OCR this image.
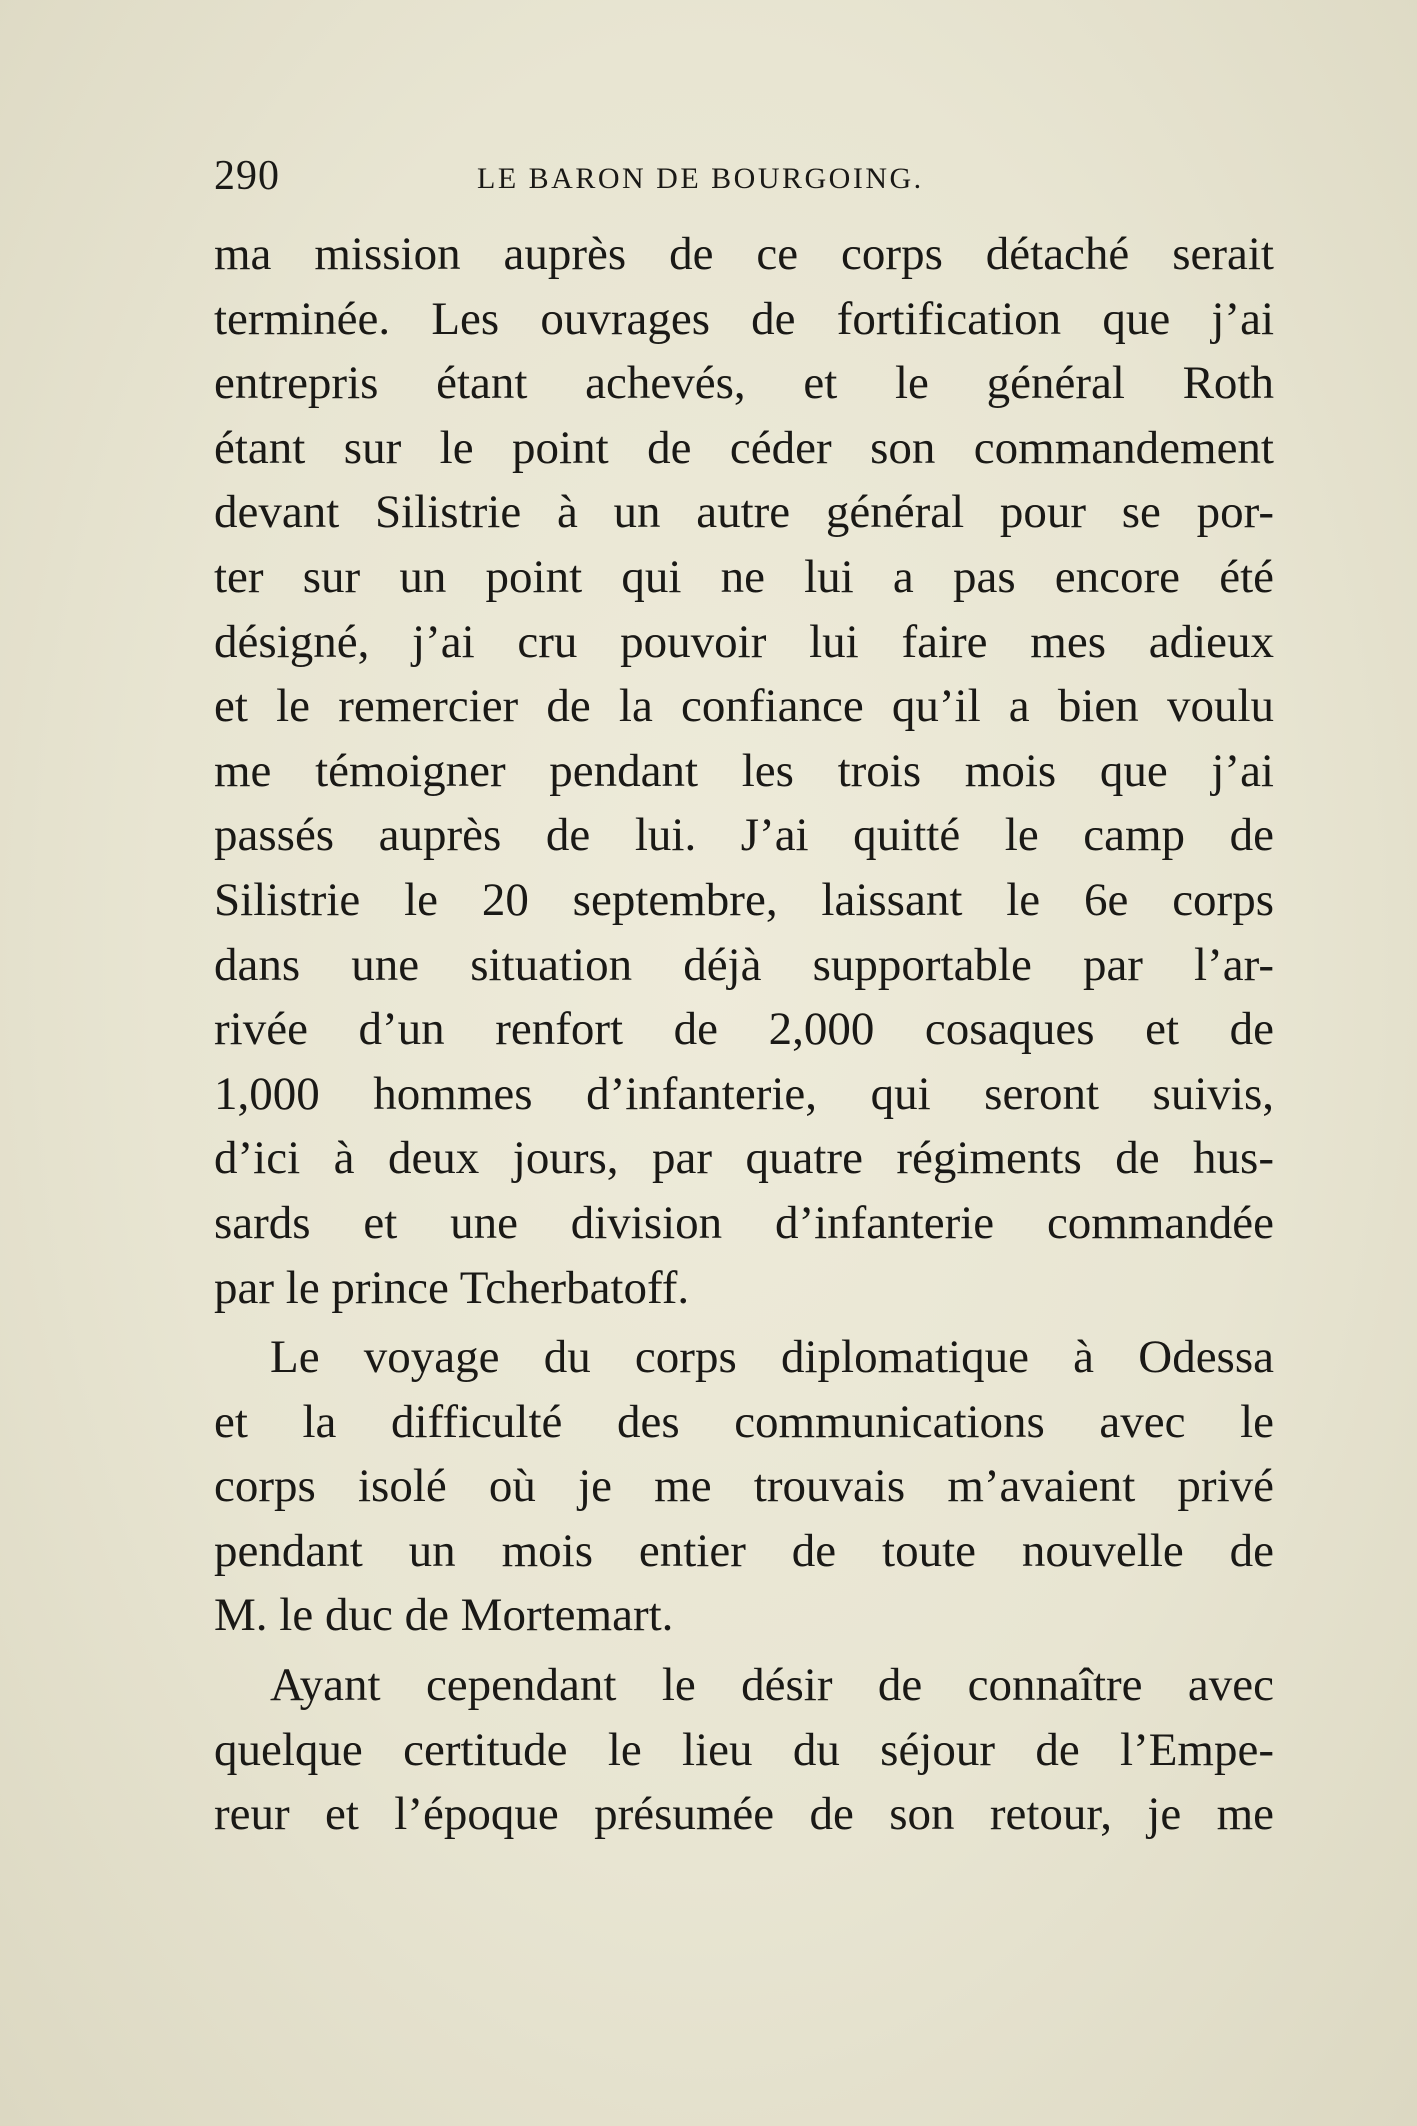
290	LE BARON DE BOURGOING.
ma mission auprès de ce corps détaché serait
terminée. Les ouvrages de fortification que j’ai
entrepris étant achevés, et le général Roth
étant sur le point de céder son commandement
devant Silistrie à un autre général pour se por-
ter sur un point qui ne lui a pas encore été
désigné, j’ai cru pouvoir lui faire mes adieux
et le remercier de la confiance qu’il a bien voulu
me témoigner pendant les trois mois que j’ai
passés auprès de lui. J’ai quitté le camp de
Silistrie le 20 septembre, laissant le 6e corps
dans une situation déjà supportable par l’ar-
rivée d’un renfort de 2,000 cosaques et de
1,000 hommes d’infanterie, qui seront suivis,
d’ici à deux jours, par quatre régiments de hus-
sards et une division d’infanterie commandée
par le prince Tcherbatoff.
Le voyage du corps diplomatique à Odessa
et la difficulté des communications avec le
corps isolé où je me trouvais m’avaient privé
pendant un mois entier de toute nouvelle de
M. le duc de Mortemart.
Ayant cependant le désir de connaître avec
quelque certitude le lieu du séjour de l’Empe-
reur et l’époque présumée de son retour, je me
